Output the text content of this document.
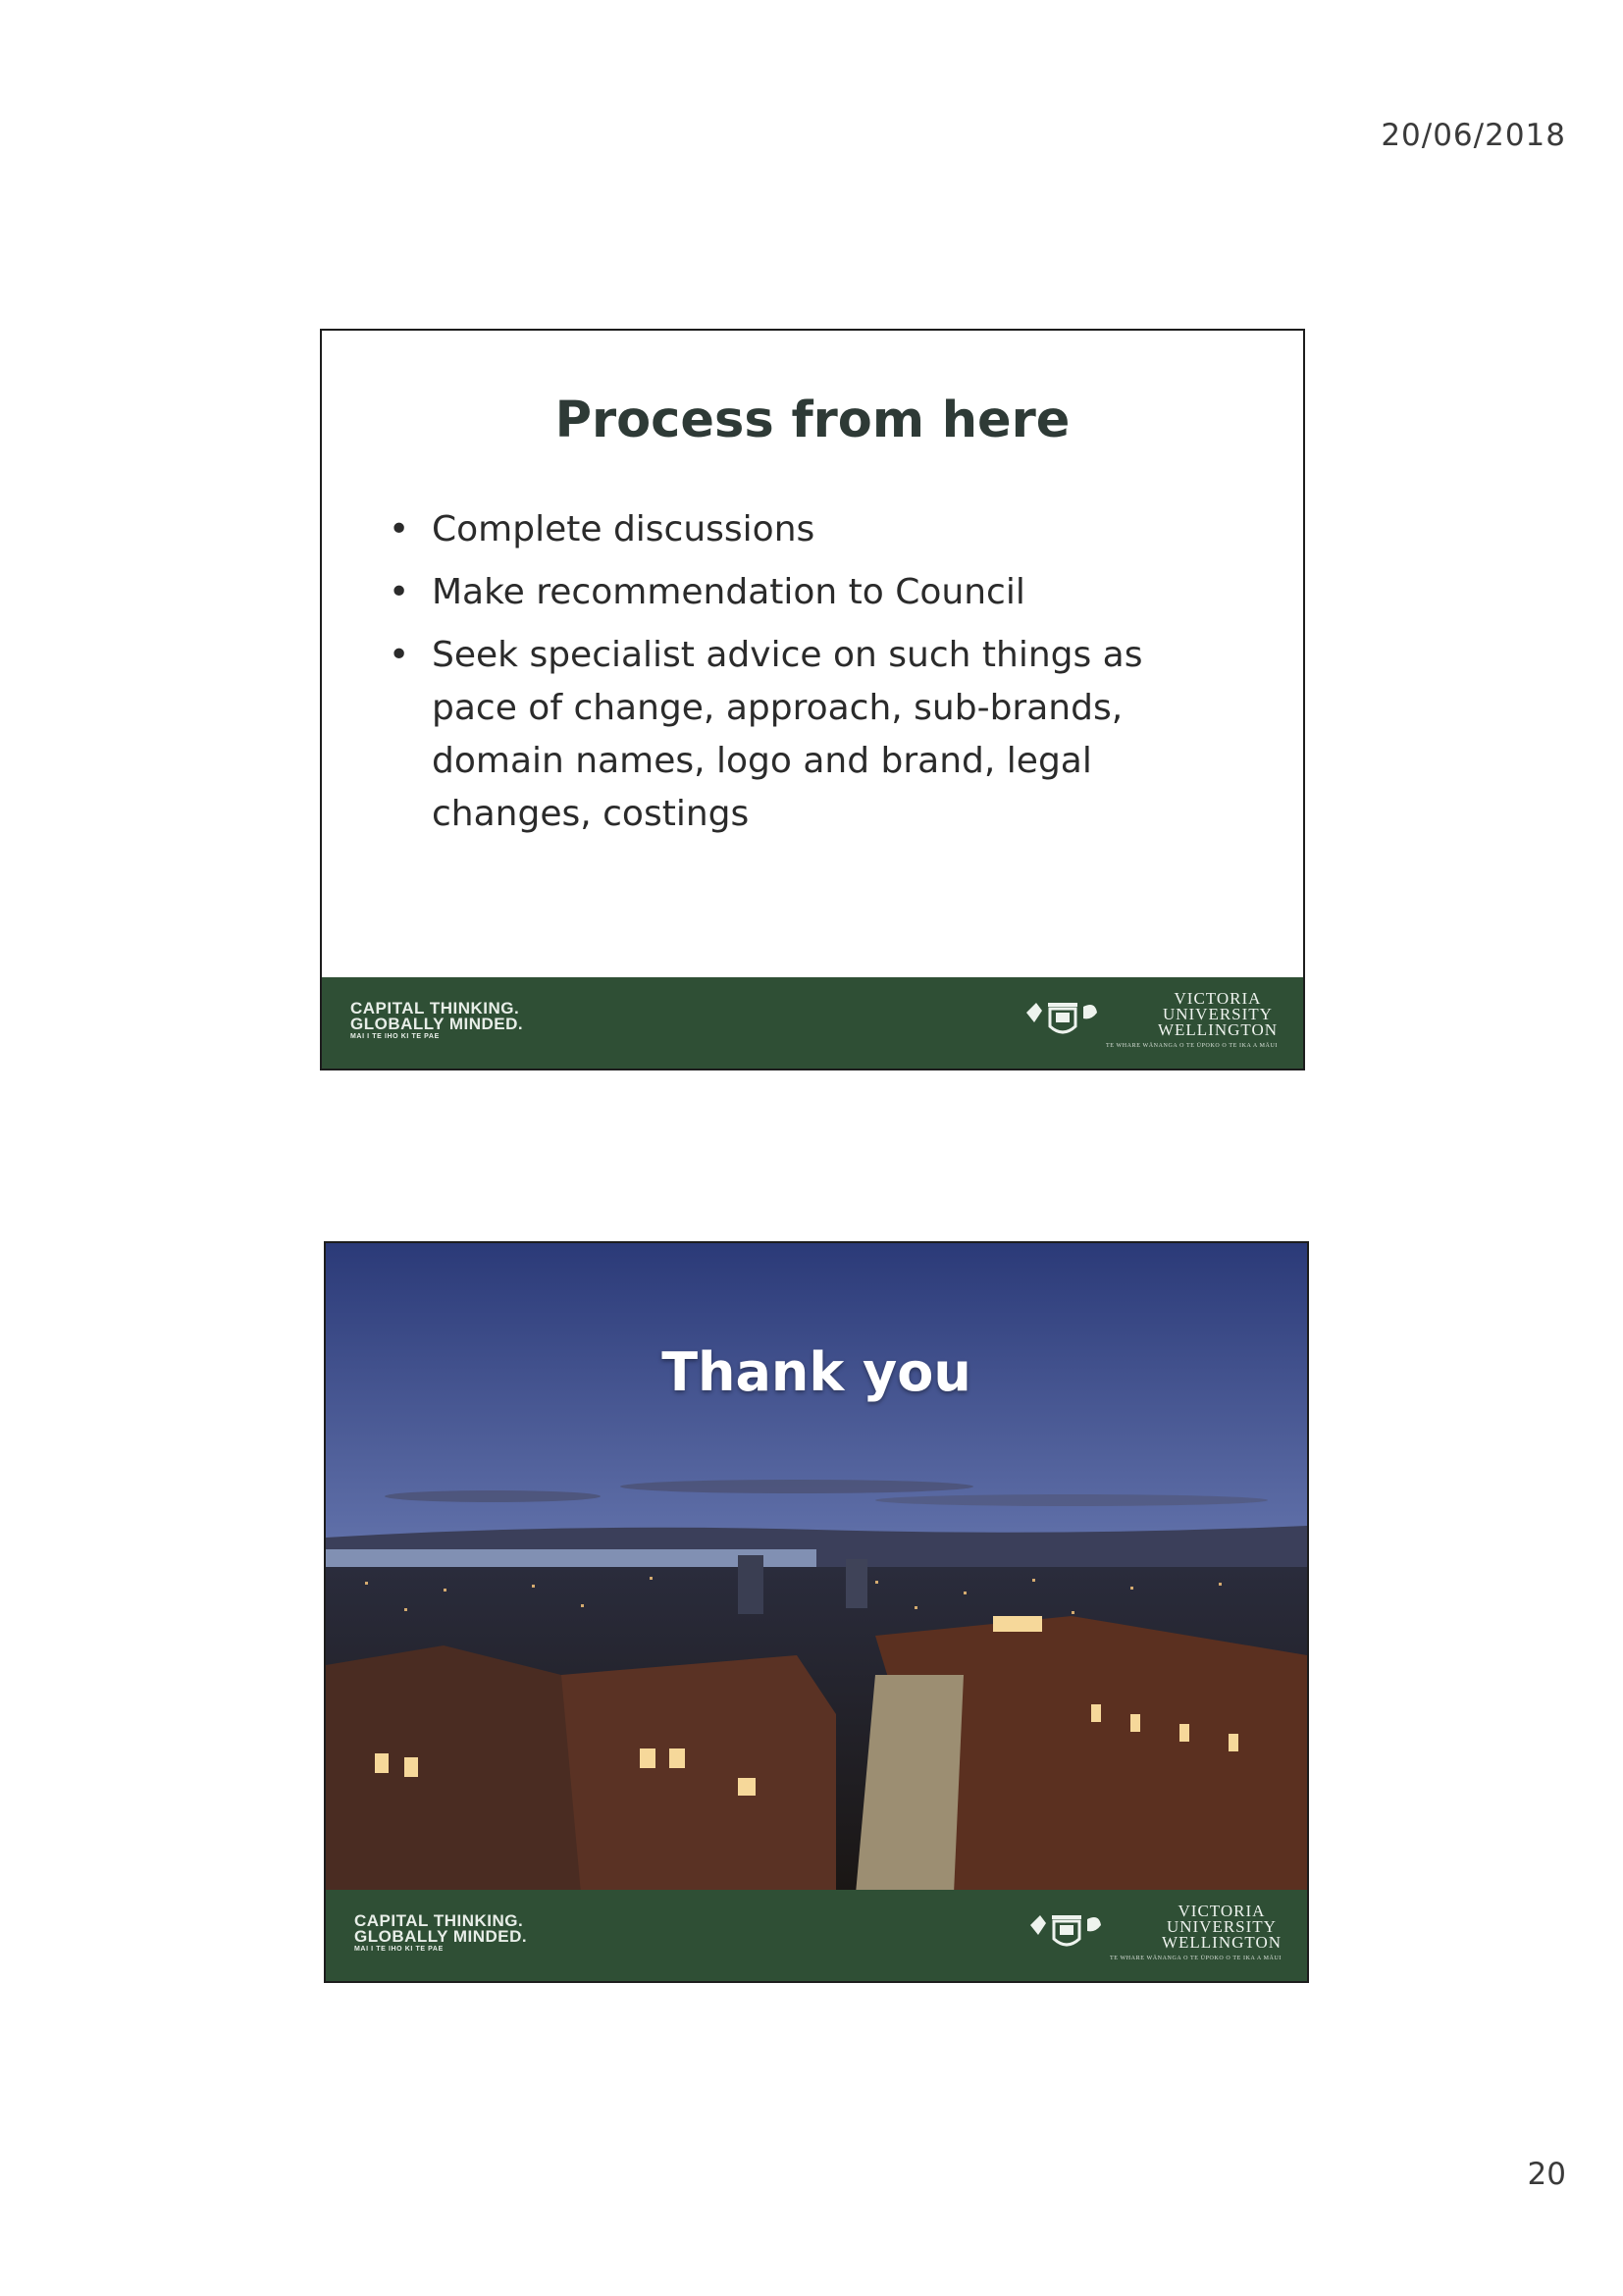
20/06/2018
Process from here
• Complete discussions
• Make recommendation to Council
• Seek specialist advice on such things as pace of change, approach, sub-brands, domain names, logo and brand, legal changes, costings
CAPITAL THINKING.
GLOBALLY MINDED.
MAI I TE IHO KI TE PAE
VICTORIA
UNIVERSITY
WELLINGTON
TE WHARE WĀNANGA O TE ŪPOKO O TE IKA A MĀUI
Thank you
CAPITAL THINKING.
GLOBALLY MINDED.
MAI I TE IHO KI TE PAE
VICTORIA
UNIVERSITY
WELLINGTON
TE WHARE WĀNANGA O TE ŪPOKO O TE IKA A MĀUI
20
